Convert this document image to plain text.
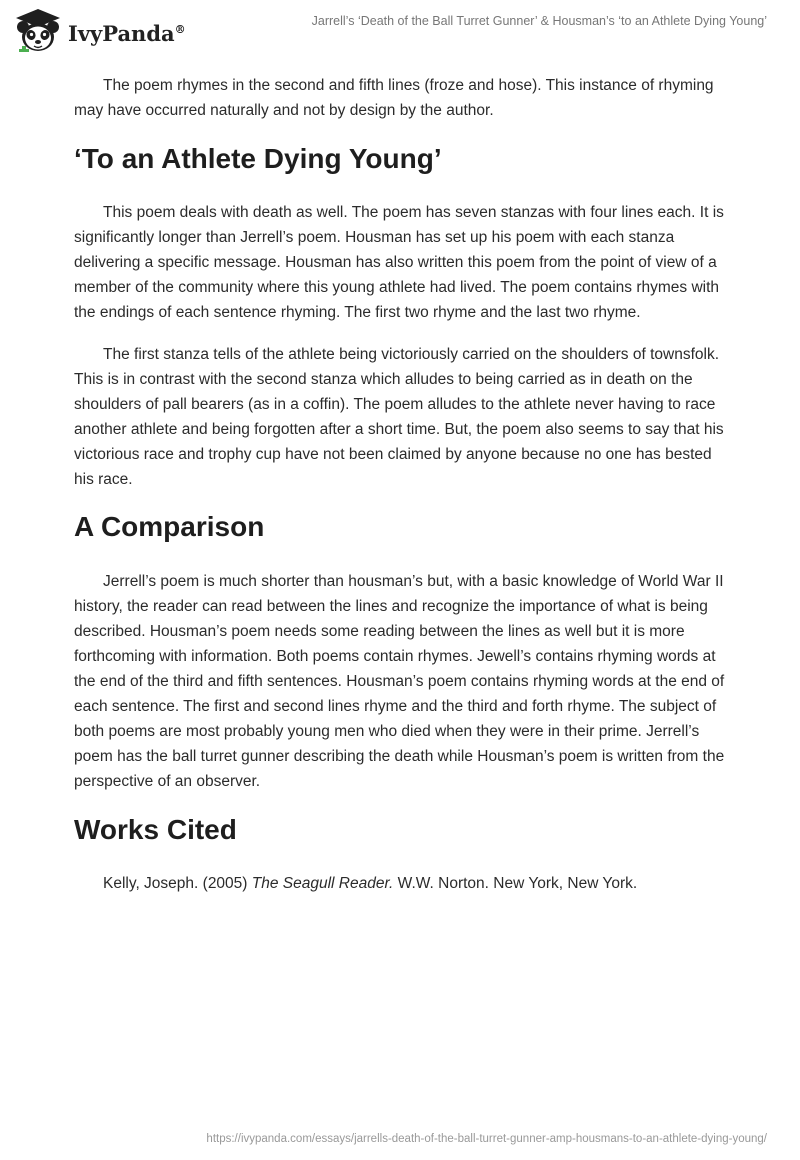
IvyPanda®
Jarrell’s ‘Death of the Ball Turret Gunner’ & Housman’s ‘to an Athlete Dying Young’

The poem rhymes in the second and fifth lines (froze and hose). This instance of rhyming may have occurred naturally and not by design by the author.

‘To an Athlete Dying Young’

This poem deals with death as well. The poem has seven stanzas with four lines each. It is significantly longer than Jerrell’s poem. Housman has set up his poem with each stanza delivering a specific message. Housman has also written this poem from the point of view of a member of the community where this young athlete had lived. The poem contains rhymes with the endings of each sentence rhyming. The first two rhyme and the last two rhyme.

The first stanza tells of the athlete being victoriously carried on the shoulders of townsfolk. This is in contrast with the second stanza which alludes to being carried as in death on the shoulders of pall bearers (as in a coffin). The poem alludes to the athlete never having to race another athlete and being forgotten after a short time. But, the poem also seems to say that his victorious race and trophy cup have not been claimed by anyone because no one has bested his race.

A Comparison

Jerrell’s poem is much shorter than housman’s but, with a basic knowledge of World War II history, the reader can read between the lines and recognize the importance of what is being described. Housman’s poem needs some reading between the lines as well but it is more forthcoming with information. Both poems contain rhymes. Jewell’s contains rhyming words at the end of the third and fifth sentences. Housman’s poem contains rhyming words at the end of each sentence. The first and second lines rhyme and the third and forth rhyme. The subject of both poems are most probably young men who died when they were in their prime. Jerrell’s poem has the ball turret gunner describing the death while Housman’s poem is written from the perspective of an observer.

Works Cited

Kelly, Joseph. (2005) The Seagull Reader. W.W. Norton. New York, New York.

https://ivypanda.com/essays/jarrells-death-of-the-ball-turret-gunner-amp-housmans-to-an-athlete-dying-young/
